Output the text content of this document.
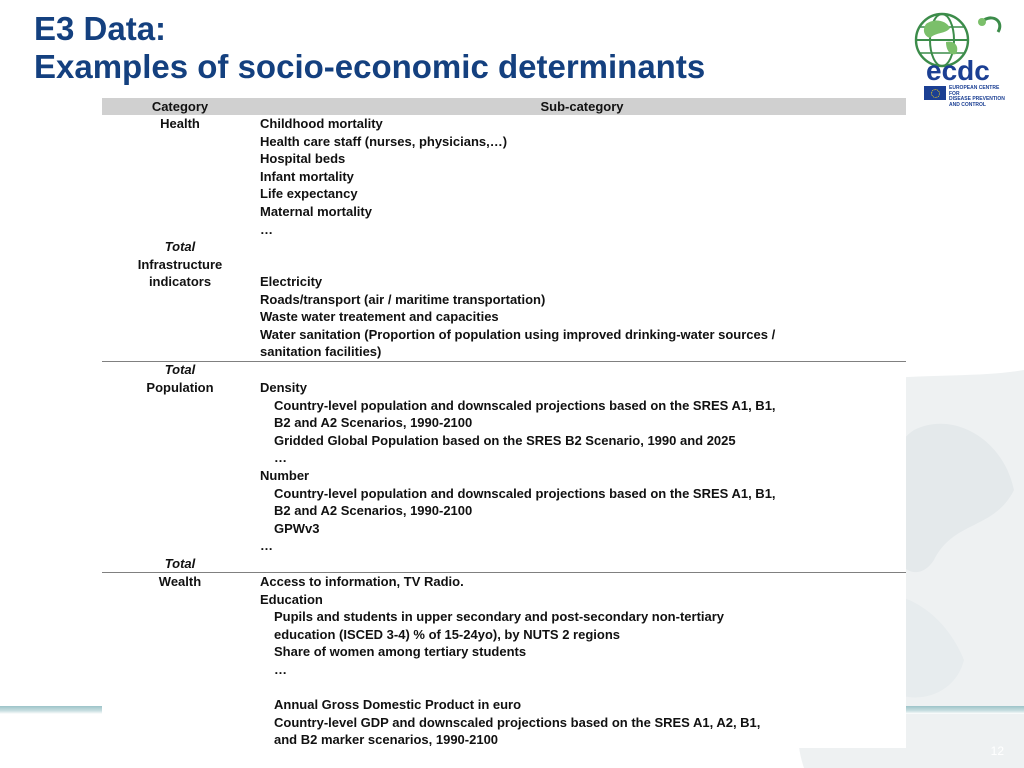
E3 Data:
Examples of socio-economic determinants	ecdc
EUROPEAN CENTRE FOR
DISEASE PREVENTION
AND CONTROL
Category	Sub-category
Health	Childhood mortality
Health care staff (nurses, physicians,…)
Hospital beds
Infant mortality
Life expectancy
Maternal mortality
…
Total
Infrastructure
indicators	Electricity
Roads/transport (air / maritime transportation)
Waste water treatement and capacities
Water sanitation (Proportion of population using improved drinking-water sources /
sanitation facilities)
Total
Population	Density
Country-level population and downscaled projections based on the SRES A1, B1,
B2 and A2 Scenarios, 1990-2100
Gridded Global Population based on the SRES B2 Scenario, 1990 and 2025
…
Number
Country-level population and downscaled projections based on the SRES A1, B1,
B2 and A2 Scenarios, 1990-2100
GPWv3
…
Total
Wealth	Access to information, TV Radio.
Education
Pupils and students in upper secondary and post-secondary non-tertiary
education (ISCED 3-4) % of 15-24yo), by NUTS 2 regions
Share of women among tertiary students
…
Annual Gross Domestic Product in euro
Country-level GDP and downscaled projections based on the SRES A1, A2, B1,
and B2 marker scenarios, 1990-2100
12
